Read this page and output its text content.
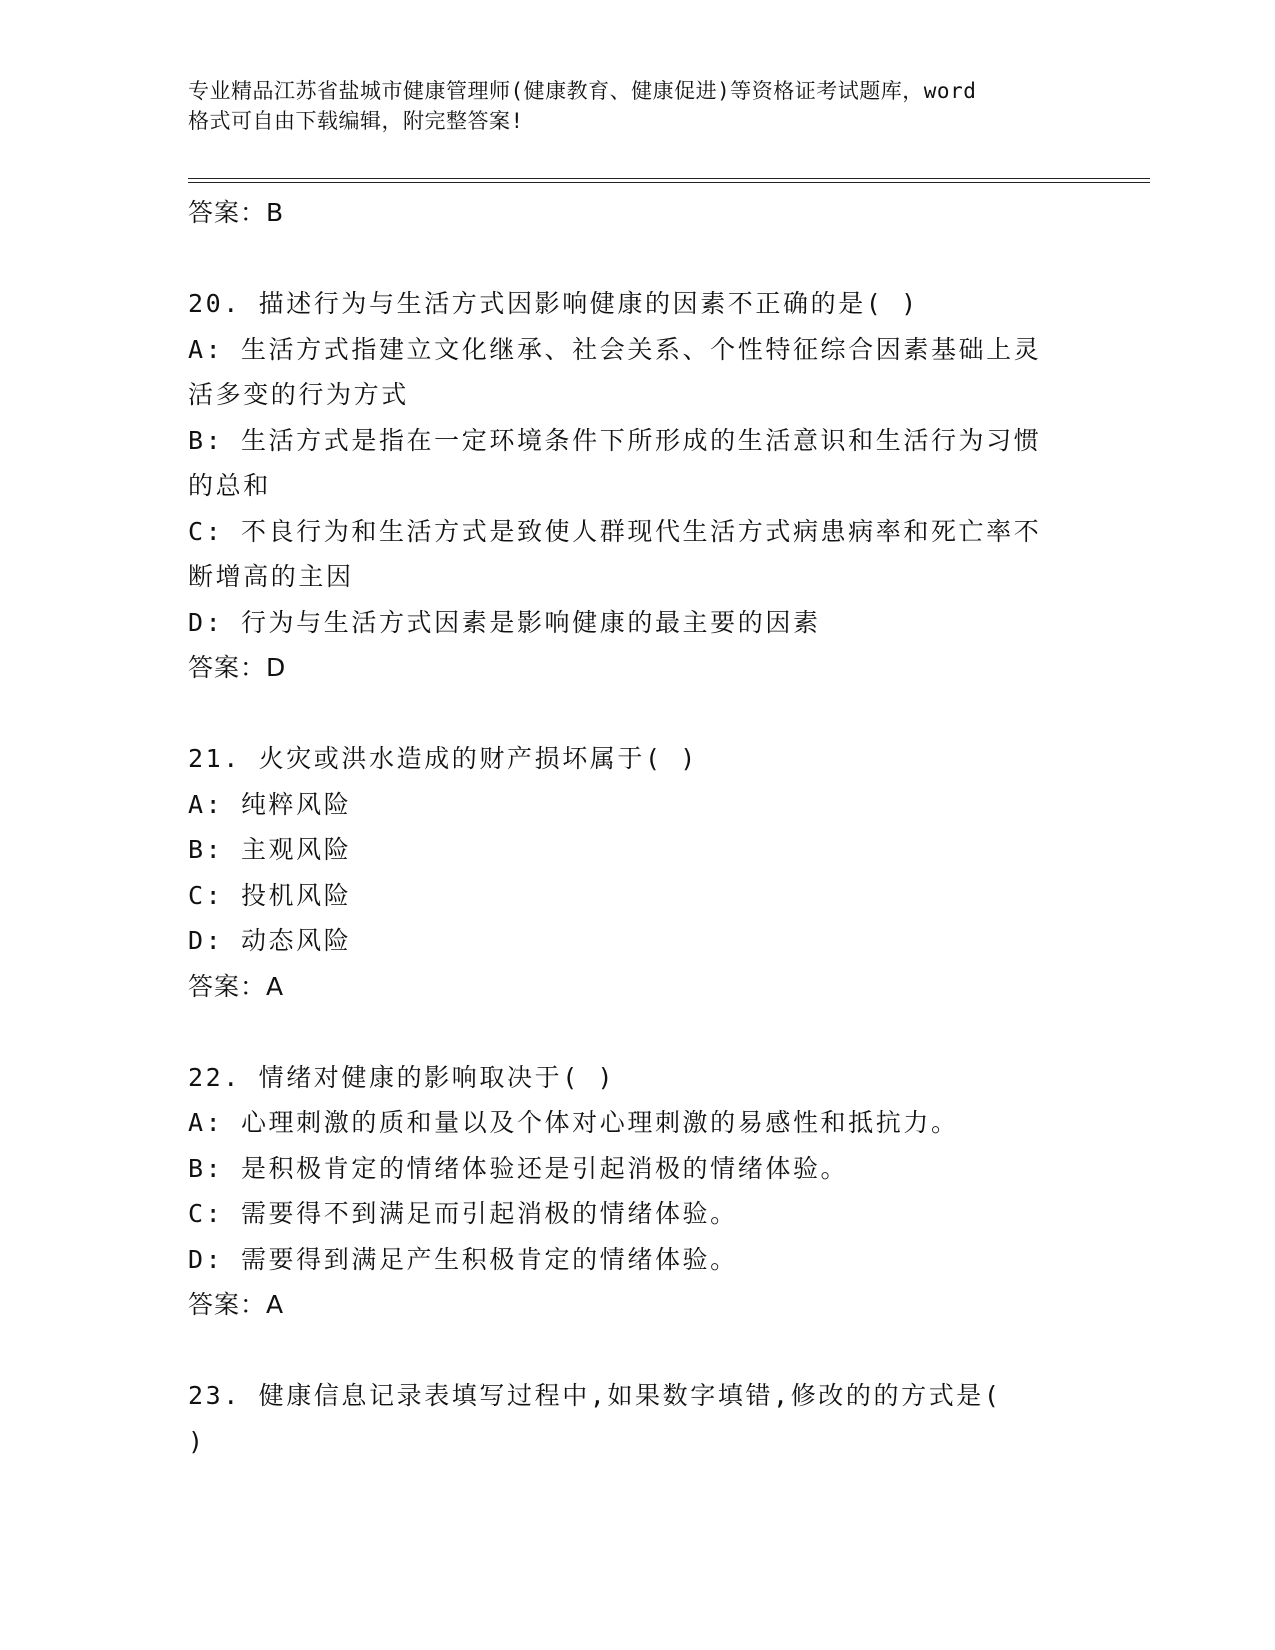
专业精品江苏省盐城市健康管理师(健康教育、健康促进)等资格证考试题库，word
格式可自由下载编辑，附完整答案!
答案：B
20. 描述行为与生活方式因影响健康的因素不正确的是( )
A: 生活方式指建立文化继承、社会关系、个性特征综合因素基础上灵
活多变的行为方式
B: 生活方式是指在一定环境条件下所形成的生活意识和生活行为习惯
的总和
C: 不良行为和生活方式是致使人群现代生活方式病患病率和死亡率不
断增高的主因
D: 行为与生活方式因素是影响健康的最主要的因素
答案：D
21. 火灾或洪水造成的财产损坏属于( )
A: 纯粹风险
B: 主观风险
C: 投机风险
D: 动态风险
答案：A
22. 情绪对健康的影响取决于( )
A: 心理刺激的质和量以及个体对心理刺激的易感性和抵抗力。
B: 是积极肯定的情绪体验还是引起消极的情绪体验。
C: 需要得不到满足而引起消极的情绪体验。
D: 需要得到满足产生积极肯定的情绪体验。
答案：A
23. 健康信息记录表填写过程中,如果数字填错,修改的的方式是(
)
